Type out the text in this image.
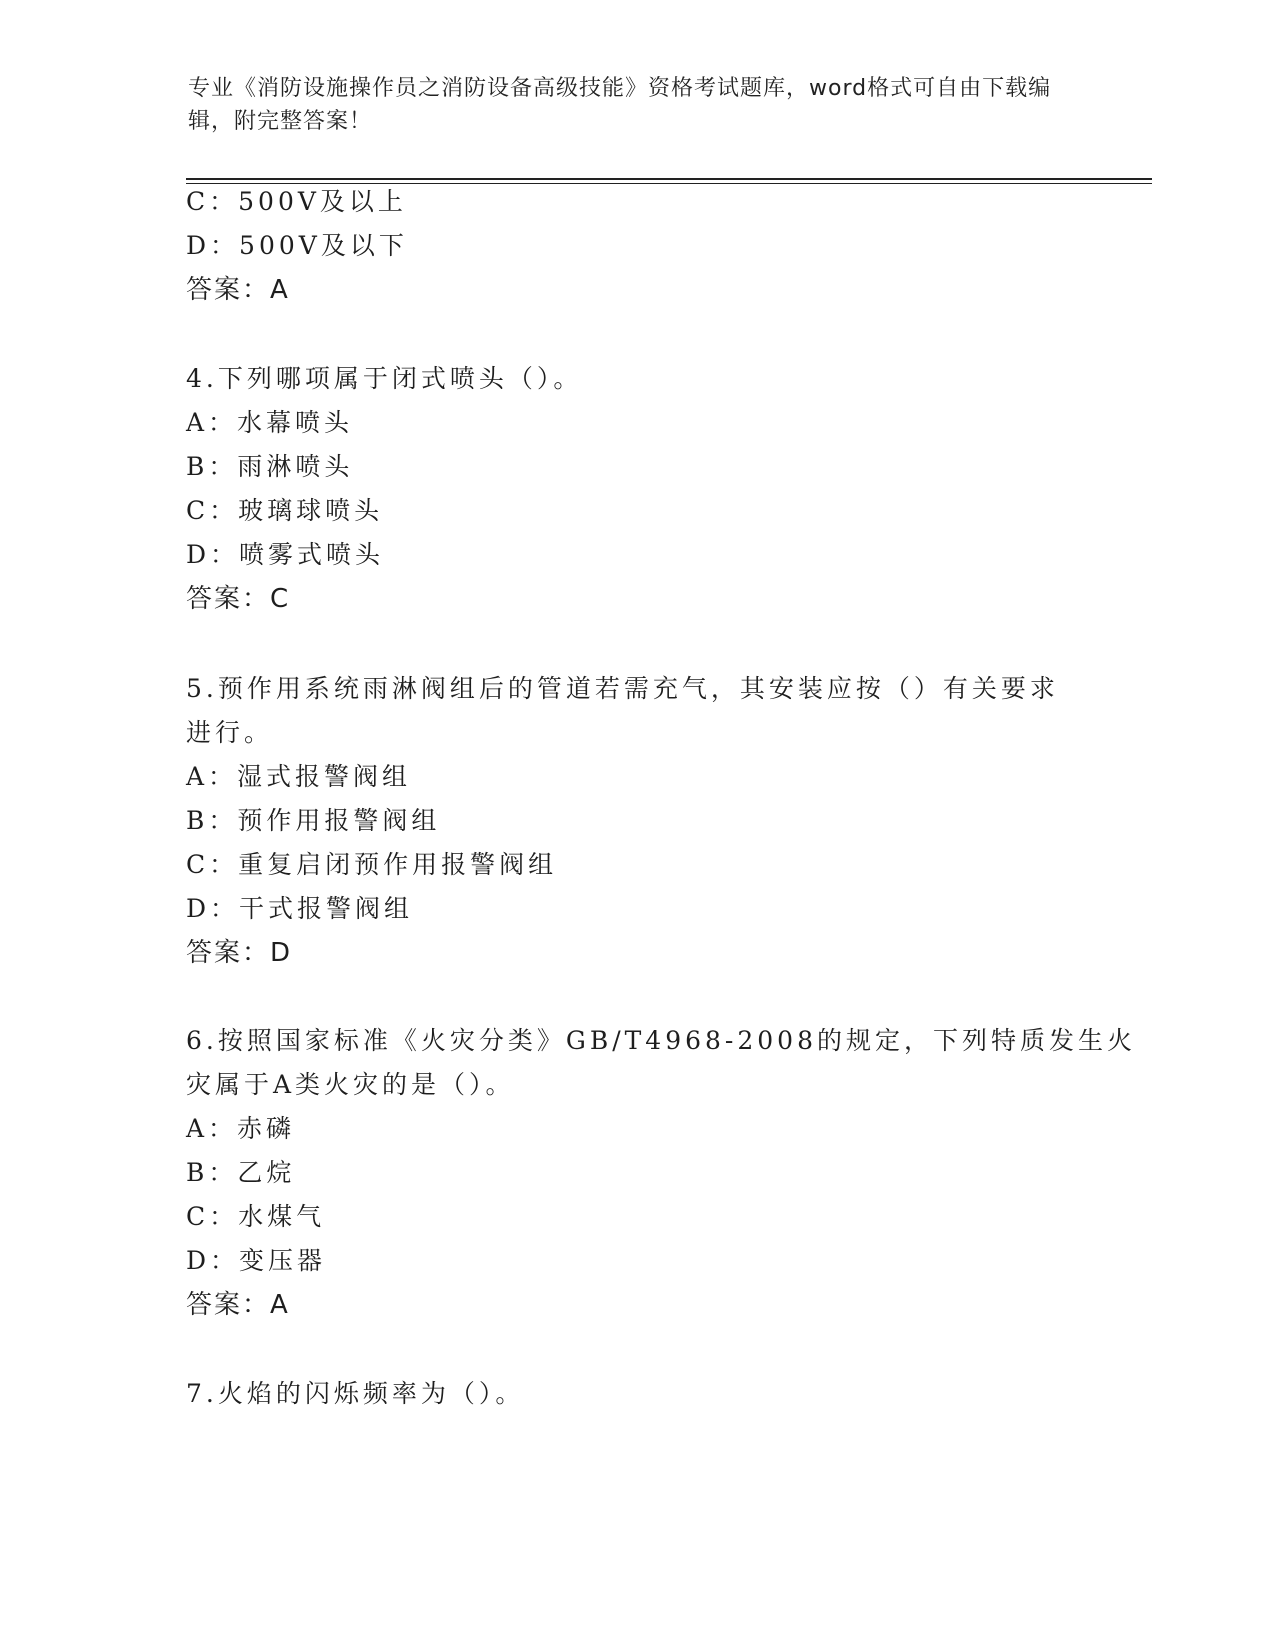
专业《消防设施操作员之消防设备高级技能》资格考试题库，word格式可自由下载编辑，附完整答案！
C：500V及以上
D：500V及以下
答案：A
4.下列哪项属于闭式喷头（）。
A：水幕喷头
B：雨淋喷头
C：玻璃球喷头
D：喷雾式喷头
答案：C
5.预作用系统雨淋阀组后的管道若需充气，其安装应按（）有关要求
进行。
A：湿式报警阀组
B：预作用报警阀组
C：重复启闭预作用报警阀组
D：干式报警阀组
答案：D
6.按照国家标准《火灾分类》GB/T4968-2008的规定，下列特质发生火
灾属于A类火灾的是（）。
A：赤磷
B：乙烷
C：水煤气
D：变压器
答案：A
7.火焰的闪烁频率为（）。
